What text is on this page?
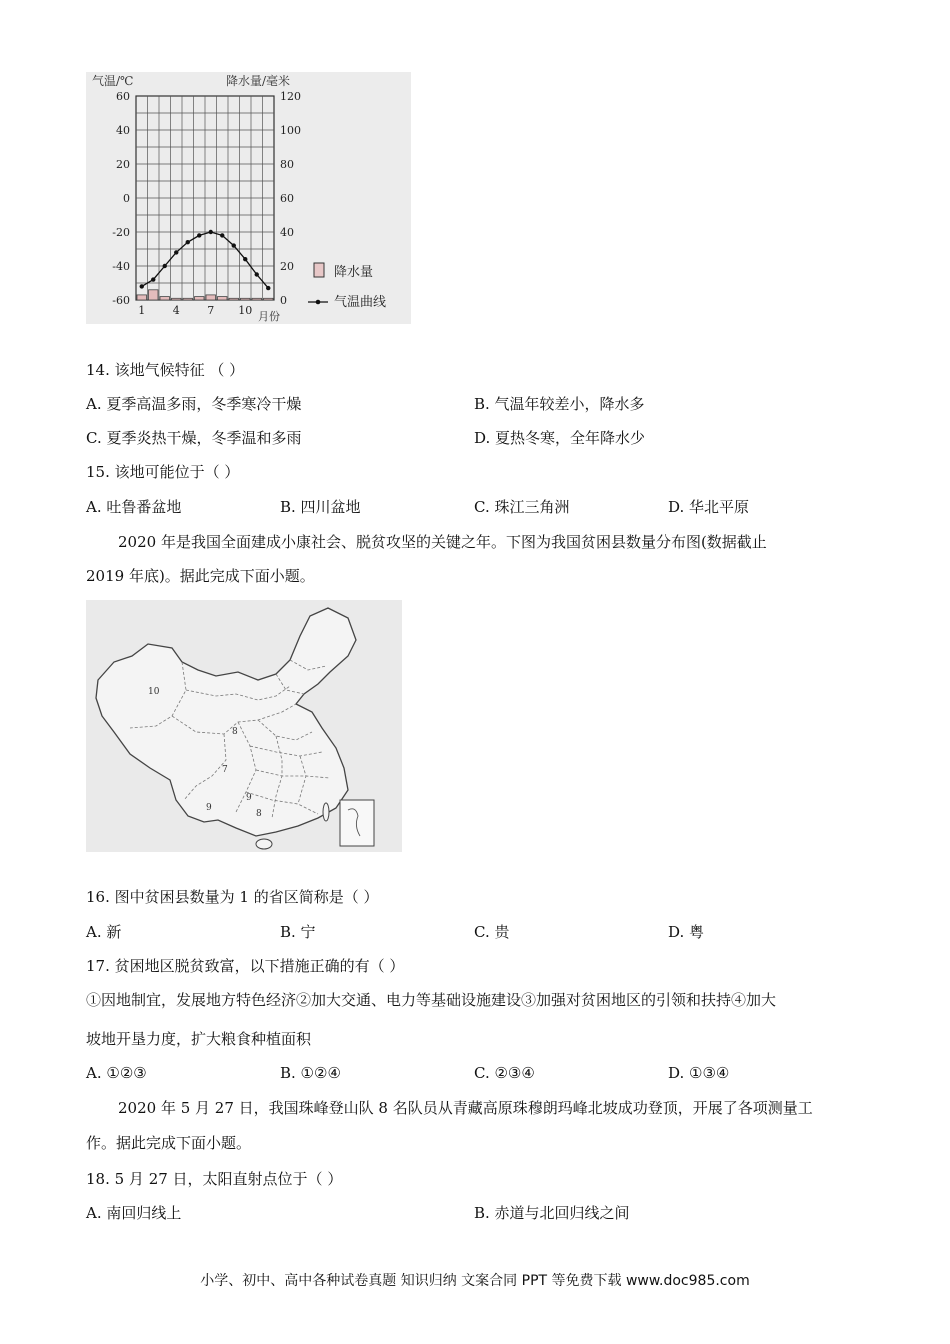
60
40
20
0
-20
-40
-60
120
100
80
60
40
20
0
1	4	7 10
气温/℃	降水量/毫米
月份
降水量
气温曲线
14. 该地气候特征 （ ）
A. 夏季高温多雨，冬季寒冷干燥	B. 气温年较差小，降水多
C. 夏季炎热干燥，冬季温和多雨	D. 夏热冬寒，全年降水少
15. 该地可能位于（ ）
A. 吐鲁番盆地	B. 四川盆地	C. 珠江三角洲	D. 华北平原
2020 年是我国全面建成小康社会、脱贫攻坚的关键之年。下图为我国贫困县数量分布图(数据截止
2019 年底)。据此完成下面小题。
10
8
7
9
9
8
16. 图中贫困县数量为 1 的省区简称是（ ）
A. 新	B. 宁	C. 贵	D. 粤
17. 贫困地区脱贫致富，以下措施正确的有（ ）
①因地制宜，发展地方特色经济②加大交通、电力等基础设施建设③加强对贫困地区的引领和扶持④加大
坡地开垦力度，扩大粮食种植面积
A. ①②③	B. ①②④	C. ②③④	D. ①③④
2020 年 5 月 27 日，我国珠峰登山队 8 名队员从青藏高原珠穆朗玛峰北坡成功登顶，开展了各项测量工
作。据此完成下面小题。
18. 5 月 27 日，太阳直射点位于（ ）
A. 南回归线上	B. 赤道与北回归线之间
小学、初中、高中各种试卷真题 知识归纳 文案合同 PPT 等免费下载 www.doc985.com
